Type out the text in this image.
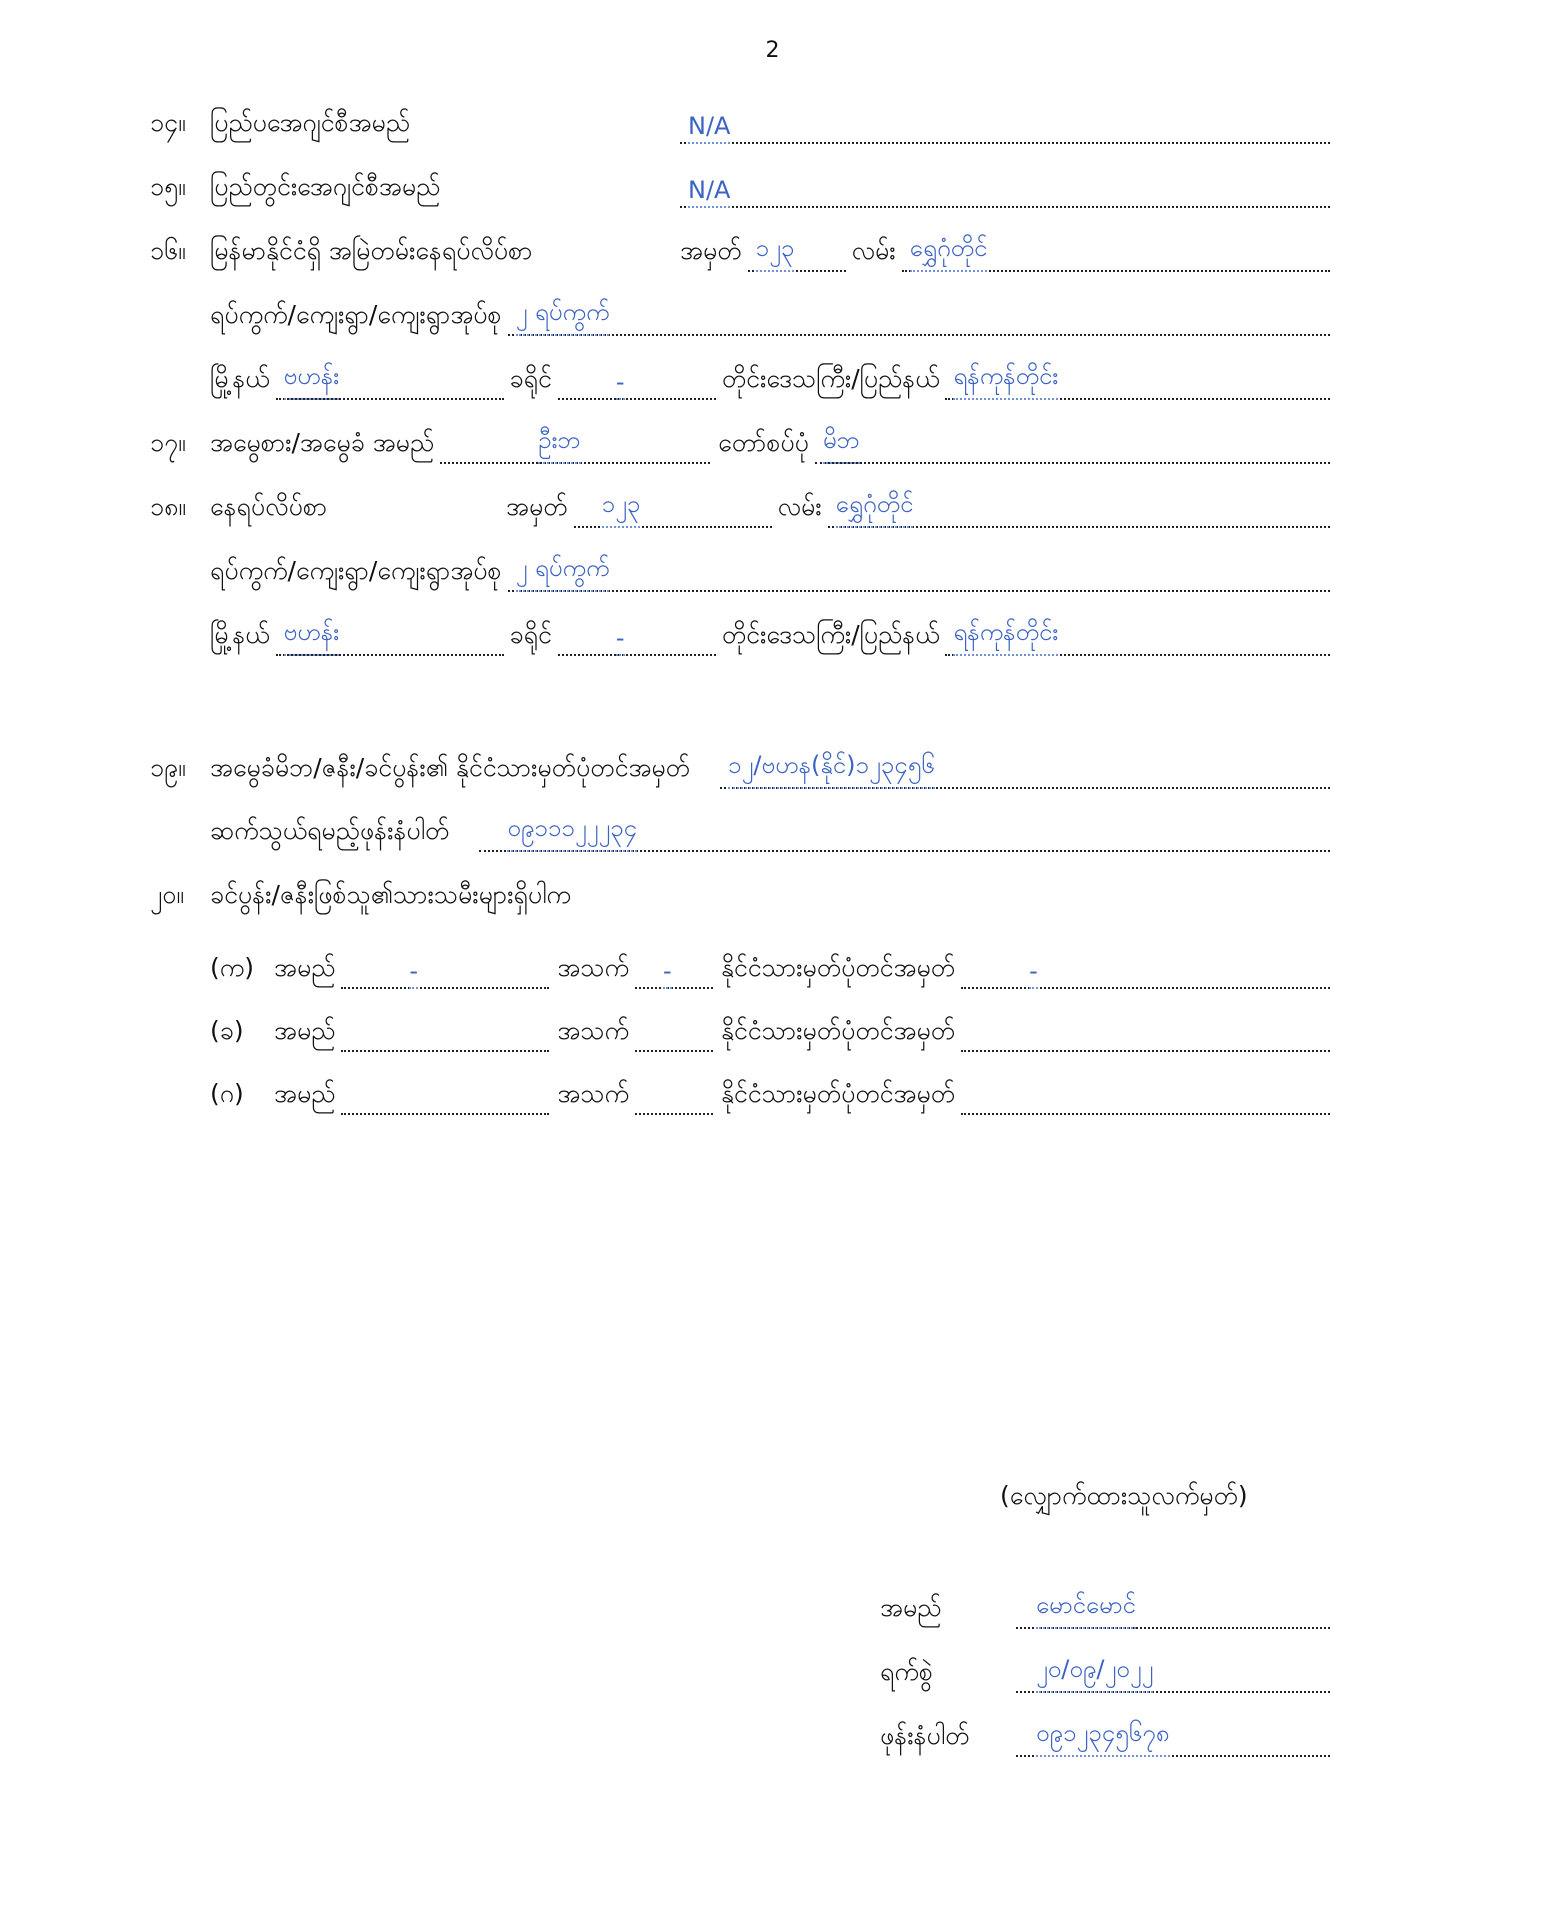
2
၁၄။ ပြည်ပအေဂျင်စီအမည်	N/A
၁၅။ ပြည်တွင်းအေဂျင်စီအမည်	N/A
၁၆။ မြန်မာနိုင်ငံရှိ အမြဲတမ်းနေရပ်လိပ်စာ	အမှတ် ၁၂၃ လမ်း ရွှေဂုံတိုင်
ရပ်ကွက်/ကျေးရွာ/ကျေးရွာအုပ်စု ၂ ရပ်ကွက်
မြို့နယ် ဗဟန်း	ခရိုင်	-	တိုင်းဒေသကြီး/ပြည်နယ် ရန်ကုန်တိုင်း
၁၇။ အမွေစား/အမွေခံ အမည်	ဦးဘ	တော်စပ်ပုံ မိဘ
၁၈။ နေရပ်လိပ်စာ	အမှတ် ၁၂၃	လမ်း ရွှေဂုံတိုင်
ရပ်ကွက်/ကျေးရွာ/ကျေးရွာအုပ်စု ၂ ရပ်ကွက်
မြို့နယ် ဗဟန်း	ခရိုင်	-	တိုင်းဒေသကြီး/ပြည်နယ် ရန်ကုန်တိုင်း
၁၉။ အမွေခံမိဘ/ဇနီး/ခင်ပွန်း၏ နိုင်ငံသားမှတ်ပုံတင်အမှတ်	၁၂/ဗဟန(နိုင်)၁၂၃၄၅၆
ဆက်သွယ်ရမည့်ဖုန်းနံပါတ်	၀၉၁၁၁၂၂၂၃၄
၂၀။	ခင်ပွန်း/ဇနီးဖြစ်သူ၏သားသမီးများရှိပါက
(က) အမည်	-	အသက် -	နိုင်ငံသားမှတ်ပုံတင်အမှတ်	-
(ခ)	အမည်	အသက်	နိုင်ငံသားမှတ်ပုံတင်အမှတ်
(ဂ)	အမည်	အသက်	နိုင်ငံသားမှတ်ပုံတင်အမှတ်
(လျှောက်ထားသူလက်မှတ်)
အမည်	မောင်မောင်
ရက်စွဲ	၂၀/၀၉/၂၀၂၂
ဖုန်းနံပါတ်	၀၉၁၂၃၄၅၆၇၈
